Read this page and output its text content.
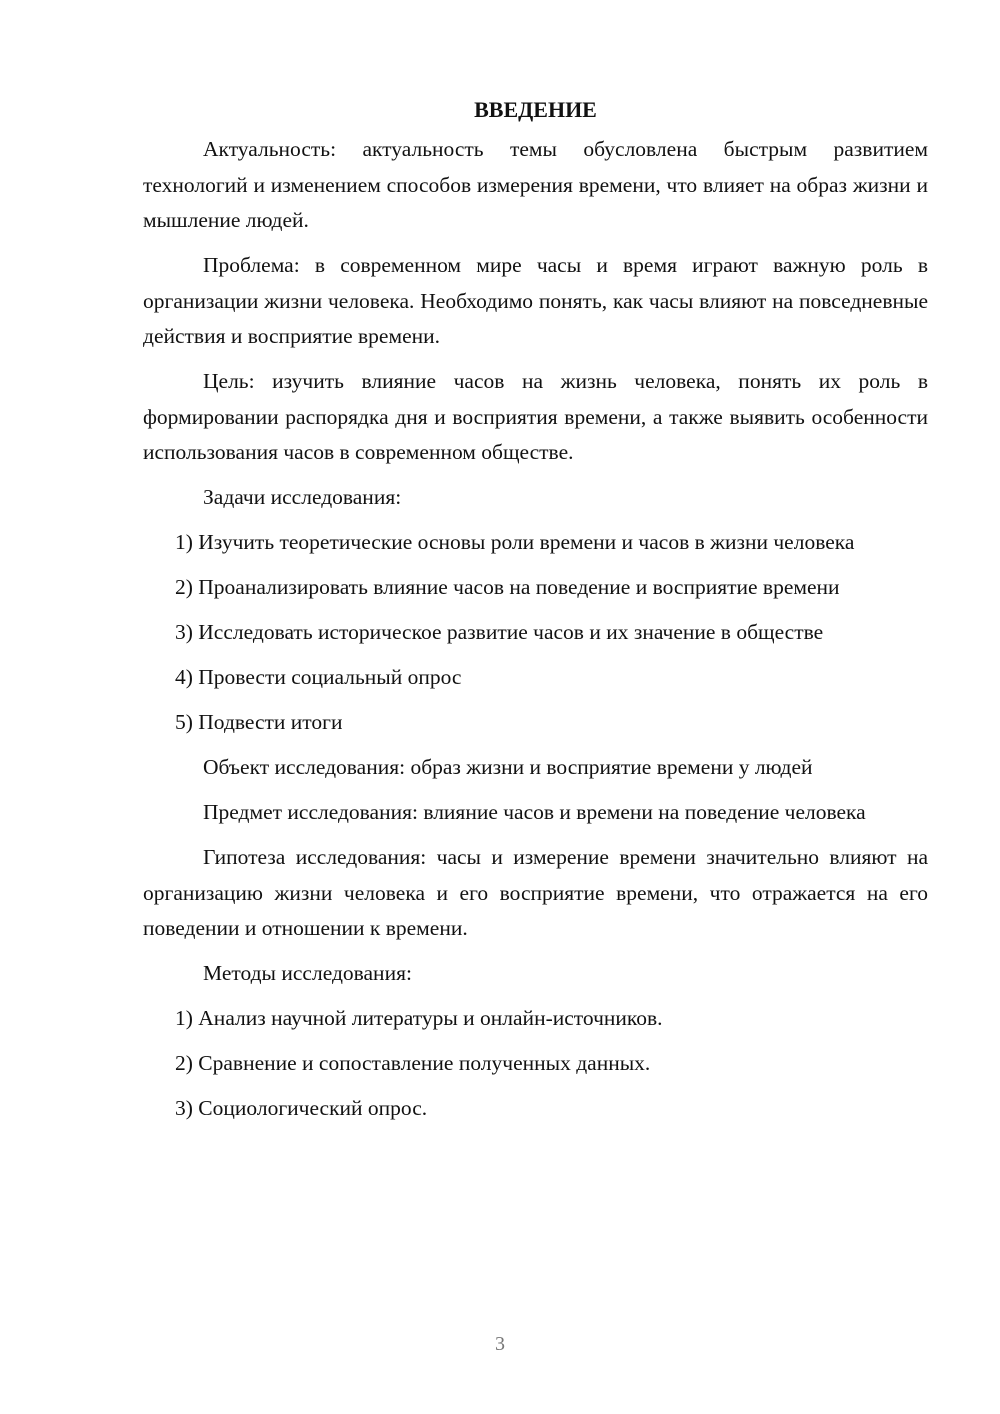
ВВЕДЕНИЕ

Актуальность: актуальность темы обусловлена быстрым развитием технологий и изменением способов измерения времени, что влияет на образ жизни и мышление людей.

Проблема: в современном мире часы и время играют важную роль в организации жизни человека. Необходимо понять, как часы влияют на повседневные действия и восприятие времени.

Цель: изучить влияние часов на жизнь человека, понять их роль в формировании распорядка дня и восприятия времени, а также выявить особенности использования часов в современном обществе.

Задачи исследования:

1) Изучить теоретические основы роли времени и часов в жизни человека

2) Проанализировать влияние часов на поведение и восприятие времени

3) Исследовать историческое развитие часов и их значение в обществе

4) Провести социальный опрос

5) Подвести итоги

Объект исследования: образ жизни и восприятие времени у людей

Предмет исследования: влияние часов и времени на поведение человека

Гипотеза исследования: часы и измерение времени значительно влияют на организацию жизни человека и его восприятие времени, что отражается на его поведении и отношении к времени.

Методы исследования:

1) Анализ научной литературы и онлайн-источников.

2) Сравнение и сопоставление полученных данных.

3) Социологический опрос.

3
